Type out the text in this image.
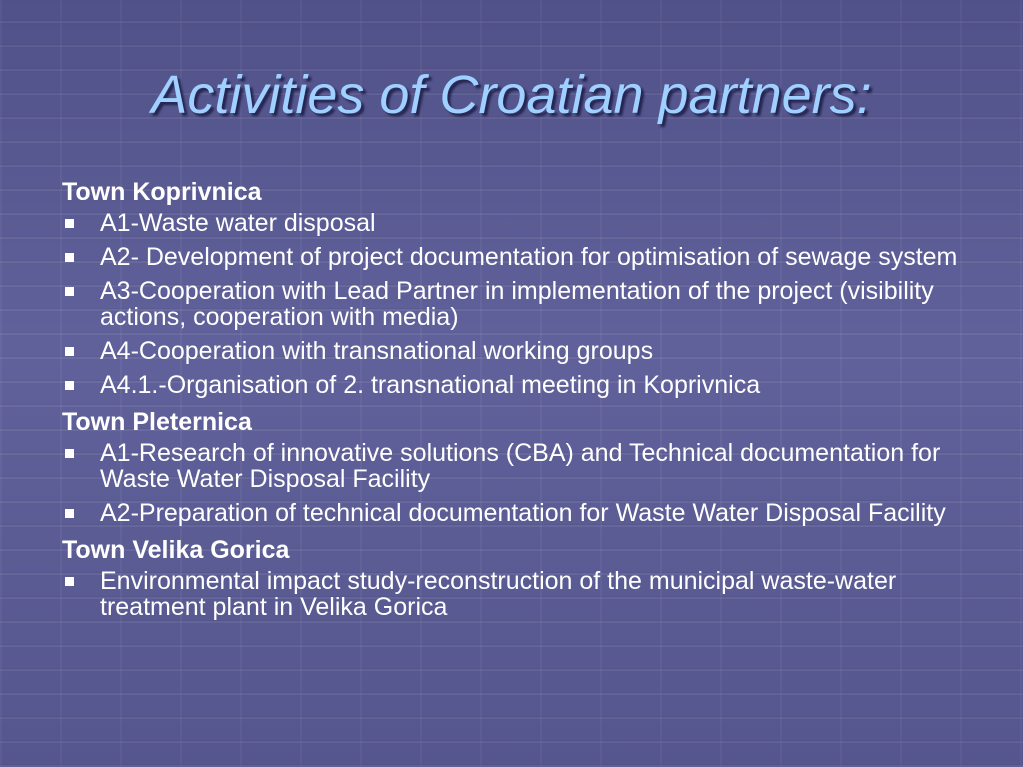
Activities of Croatian partners:
Town Koprivnica
A1-Waste water disposal
A2- Development of project documentation for optimisation of sewage system
A3-Cooperation with Lead Partner in implementation of the project (visibility actions, cooperation with media)
A4-Cooperation with transnational working groups
A4.1.-Organisation of 2. transnational meeting in Koprivnica
Town Pleternica
A1-Research of innovative solutions (CBA) and Technical documentation for Waste Water Disposal Facility
A2-Preparation of technical documentation for Waste Water Disposal Facility
Town Velika Gorica
Environmental impact study-reconstruction of the municipal waste-water treatment plant in Velika Gorica
